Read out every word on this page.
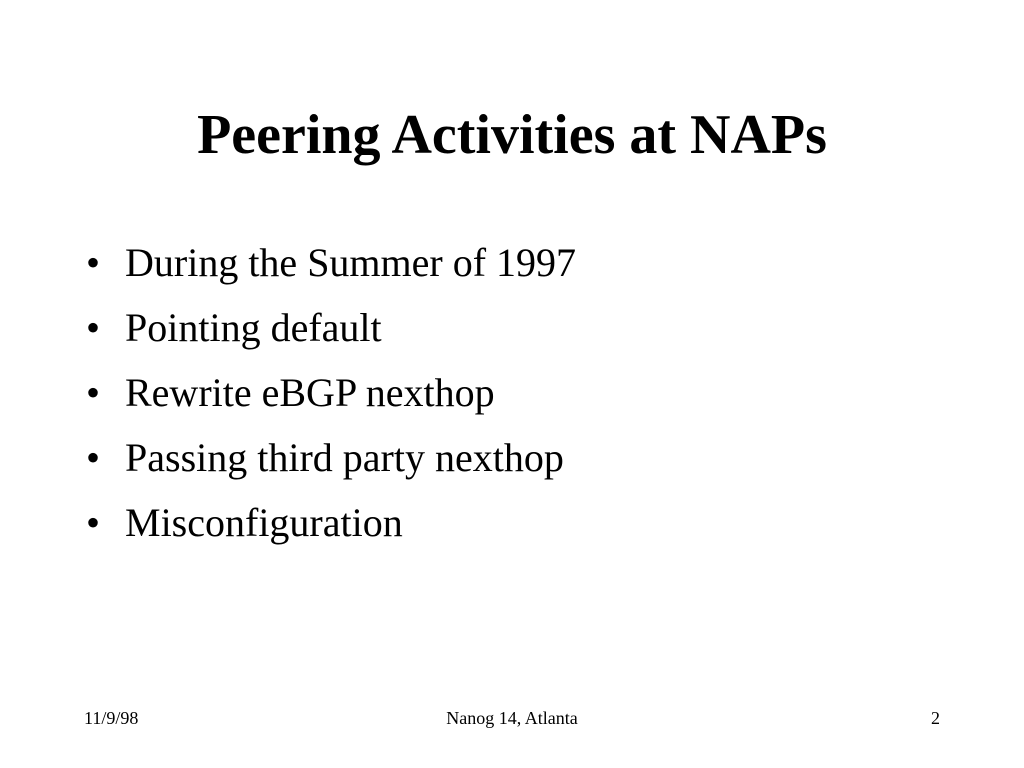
Peering Activities at NAPs
• During the Summer of 1997
• Pointing default
• Rewrite eBGP nexthop
• Passing third party nexthop
• Misconfiguration
11/9/98	Nanog 14, Atlanta	2
